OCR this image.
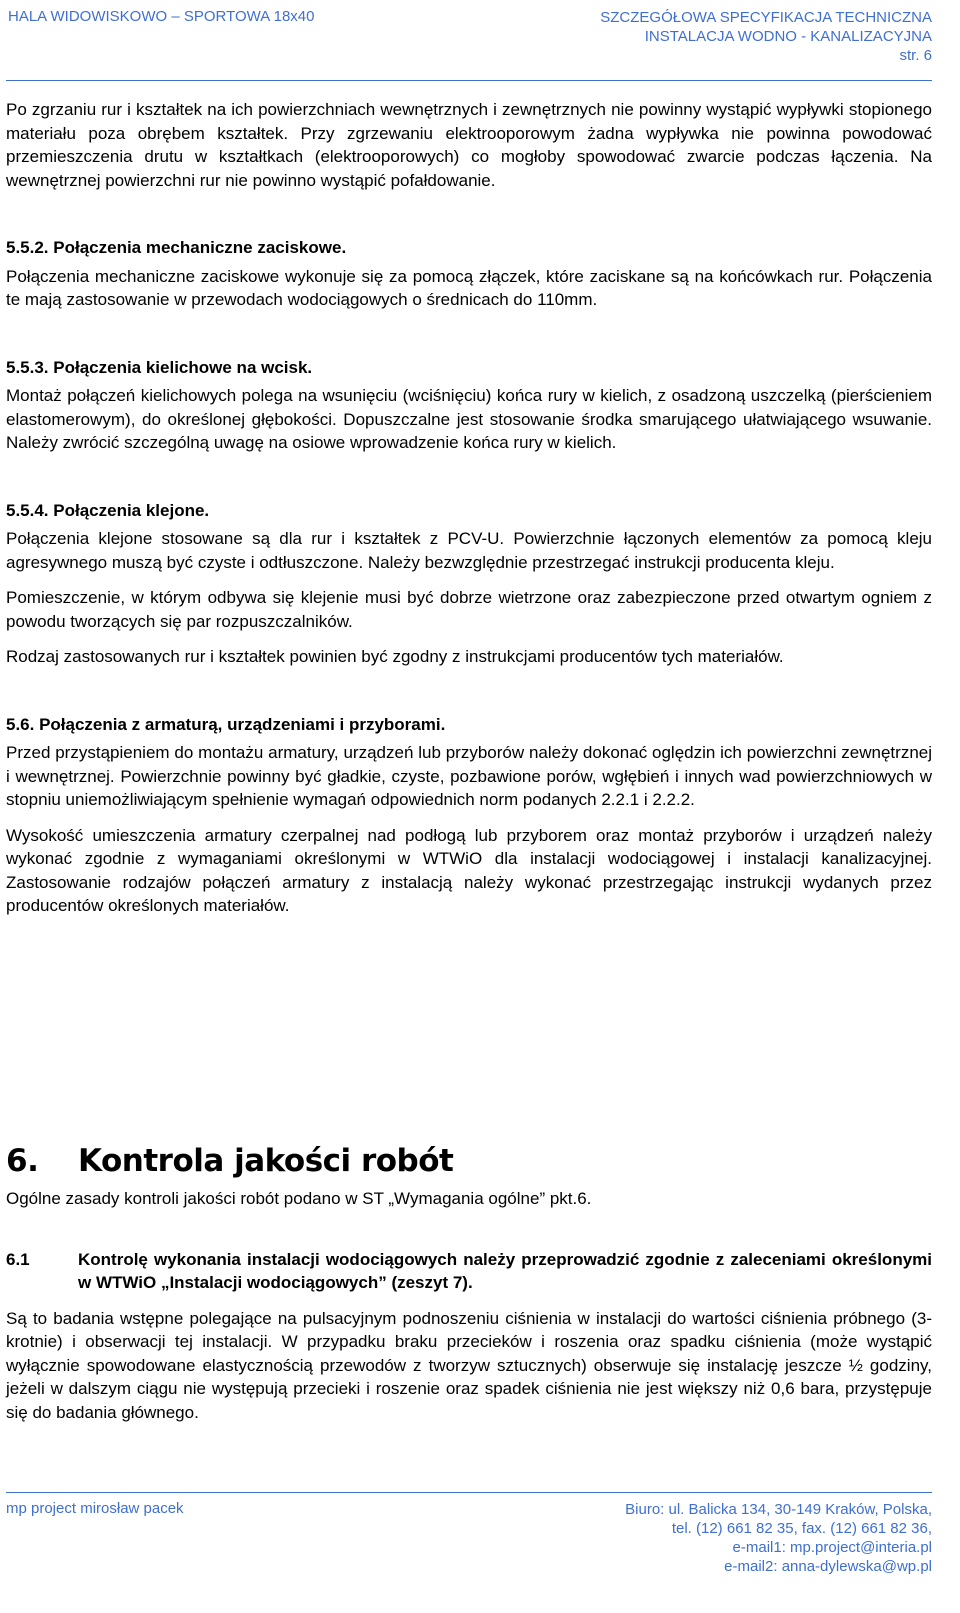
HALA WIDOWISKOWO – SPORTOWA 18x40	SZCZEGÓŁOWA SPECYFIKACJA TECHNICZNA
INSTALACJA WODNO - KANALIZACYJNA
str. 6

Po zgrzaniu rur i kształtek na ich powierzchniach wewnętrznych i zewnętrznych nie powinny wystąpić wypływki stopionego materiału poza obrębem kształtek. Przy zgrzewaniu elektrooporowym żadna wypływka nie powinna powodować przemieszczenia drutu w kształtkach (elektrooporowych) co mogłoby spowodować zwarcie podczas łączenia. Na wewnętrznej powierzchni rur nie powinno wystąpić pofałdowanie.

5.5.2. Połączenia mechaniczne zaciskowe.

Połączenia mechaniczne zaciskowe wykonuje się za pomocą złączek, które zaciskane są na końcówkach rur. Połączenia te mają zastosowanie w przewodach wodociągowych o średnicach do 110mm.

5.5.3. Połączenia kielichowe na wcisk.

Montaż połączeń kielichowych polega na wsunięciu (wciśnięciu) końca rury w kielich, z osadzoną uszczelką (pierścieniem elastomerowym), do określonej głębokości. Dopuszczalne jest stosowanie środka smarującego ułatwiającego wsuwanie. Należy zwrócić szczególną uwagę na osiowe wprowadzenie końca rury w kielich.

5.5.4. Połączenia klejone.

Połączenia klejone stosowane są dla rur i kształtek z PCV-U. Powierzchnie łączonych elementów za pomocą kleju agresywnego muszą być czyste i odtłuszczone. Należy bezwzględnie przestrzegać instrukcji producenta kleju.

Pomieszczenie, w którym odbywa się klejenie musi być dobrze wietrzone oraz zabezpieczone przed otwartym ogniem z powodu tworzących się par rozpuszczalników.

Rodzaj zastosowanych rur i kształtek powinien być zgodny z instrukcjami producentów tych materiałów.

5.6. Połączenia z armaturą, urządzeniami i przyborami.

Przed przystąpieniem do montażu armatury, urządzeń lub przyborów należy dokonać oględzin ich powierzchni zewnętrznej i wewnętrznej. Powierzchnie powinny być gładkie, czyste, pozbawione porów, wgłębień i innych wad powierzchniowych w stopniu uniemożliwiającym spełnienie wymagań odpowiednich norm podanych 2.2.1 i 2.2.2.

Wysokość umieszczenia armatury czerpalnej nad podłogą lub przyborem oraz montaż przyborów i urządzeń należy wykonać zgodnie z wymaganiami określonymi w WTWiO dla instalacji wodociągowej i instalacji kanalizacyjnej. Zastosowanie rodzajów połączeń armatury z instalacją należy wykonać przestrzegając instrukcji wydanych przez producentów określonych materiałów.

6. Kontrola jakości robót

Ogólne zasady kontroli jakości robót podano w ST „Wymagania ogólne” pkt.6.

6.1	Kontrolę wykonania instalacji wodociągowych należy przeprowadzić zgodnie z zaleceniami określonymi w WTWiO „Instalacji wodociągowych” (zeszyt 7).

Są to badania wstępne polegające na pulsacyjnym podnoszeniu ciśnienia w instalacji do wartości ciśnienia próbnego (3-krotnie) i obserwacji tej instalacji. W przypadku braku przecieków i roszenia oraz spadku ciśnienia (może wystąpić wyłącznie spowodowane elastycznością przewodów z tworzyw sztucznych) obserwuje się instalację jeszcze ½ godziny, jeżeli w dalszym ciągu nie występują przecieki i roszenie oraz spadek ciśnienia nie jest większy niż 0,6 bara, przystępuje się do badania głównego.

mp project mirosław pacek	Biuro: ul. Balicka 134, 30-149 Kraków, Polska,
tel. (12) 661 82 35, fax. (12) 661 82 36,
e-mail1: mp.project@interia.pl
e-mail2: anna-dylewska@wp.pl
